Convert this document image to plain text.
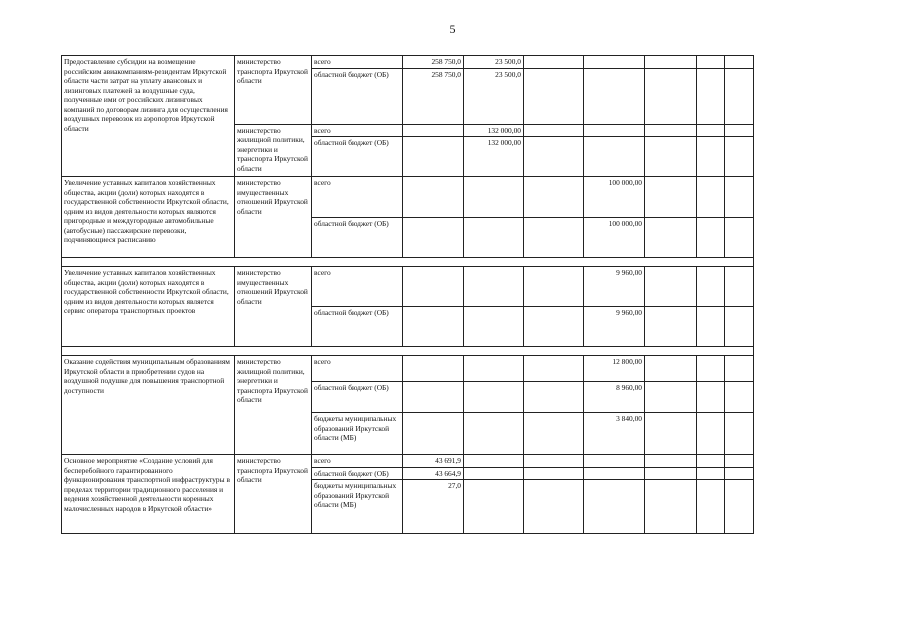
5
Предоставление субсидии на возмещение российским авиакомпаниям-резидентам Иркутской области части затрат на уплату авансовых и лизинговых платежей за воздушные суда, полученные ими от российских лизинговых компаний по договорам лизинга для осуществления воздушных перевозок из аэропортов Иркутской области	министерство транспорта Иркутской области	всего	258 750,0	23 500,0					
		областной бюджет (ОБ)	258 750,0	23 500,0					
	министерство жилищной политики, энергетики и транспорта Иркутской области	всего		132 000,00					
		областной бюджет (ОБ)		132 000,00					
Увеличение уставных капиталов хозяйственных общества, акции (доли) которых находятся в государственной собственности Иркутской области, одним из видов деятельности которых являются пригородные и междугородные автомобильные (автобусные) пассажирские перевозки, подчиняющиеся расписанию	министерство имущественных отношений Иркутской области	всего				100 000,00			
		областной бюджет (ОБ)				100 000,00			

Увеличение уставных капиталов хозяйственных общества, акции (доли) которых находятся в государственной собственности Иркутской области, одним из видов деятельности которых является сервис оператора транспортных проектов	министерство имущественных отношений Иркутской области	всего				9 960,00			
		областной бюджет (ОБ)				9 960,00			

Оказание содействия муниципальным образованиям Иркутской области в приобретении судов на воздушной подушке для повышения транспортной доступности	министерство жилищной политики, энергетики и транспорта Иркутской области	всего				12 800,00			
		областной бюджет (ОБ)				8 960,00			
		бюджеты муниципальных образований Иркутской области (МБ)				3 840,00			
Основное мероприятие «Создание условий для бесперебойного гарантированного функционирования транспортной инфраструктуры в пределах территории традиционного расселения и ведения хозяйственной деятельности коренных малочисленных народов в Иркутской области»	министерство транспорта Иркутской области	всего	43 691,9						
		областной бюджет (ОБ)	43 664,9						
		бюджеты муниципальных образований Иркутской области (МБ)	27,0						
